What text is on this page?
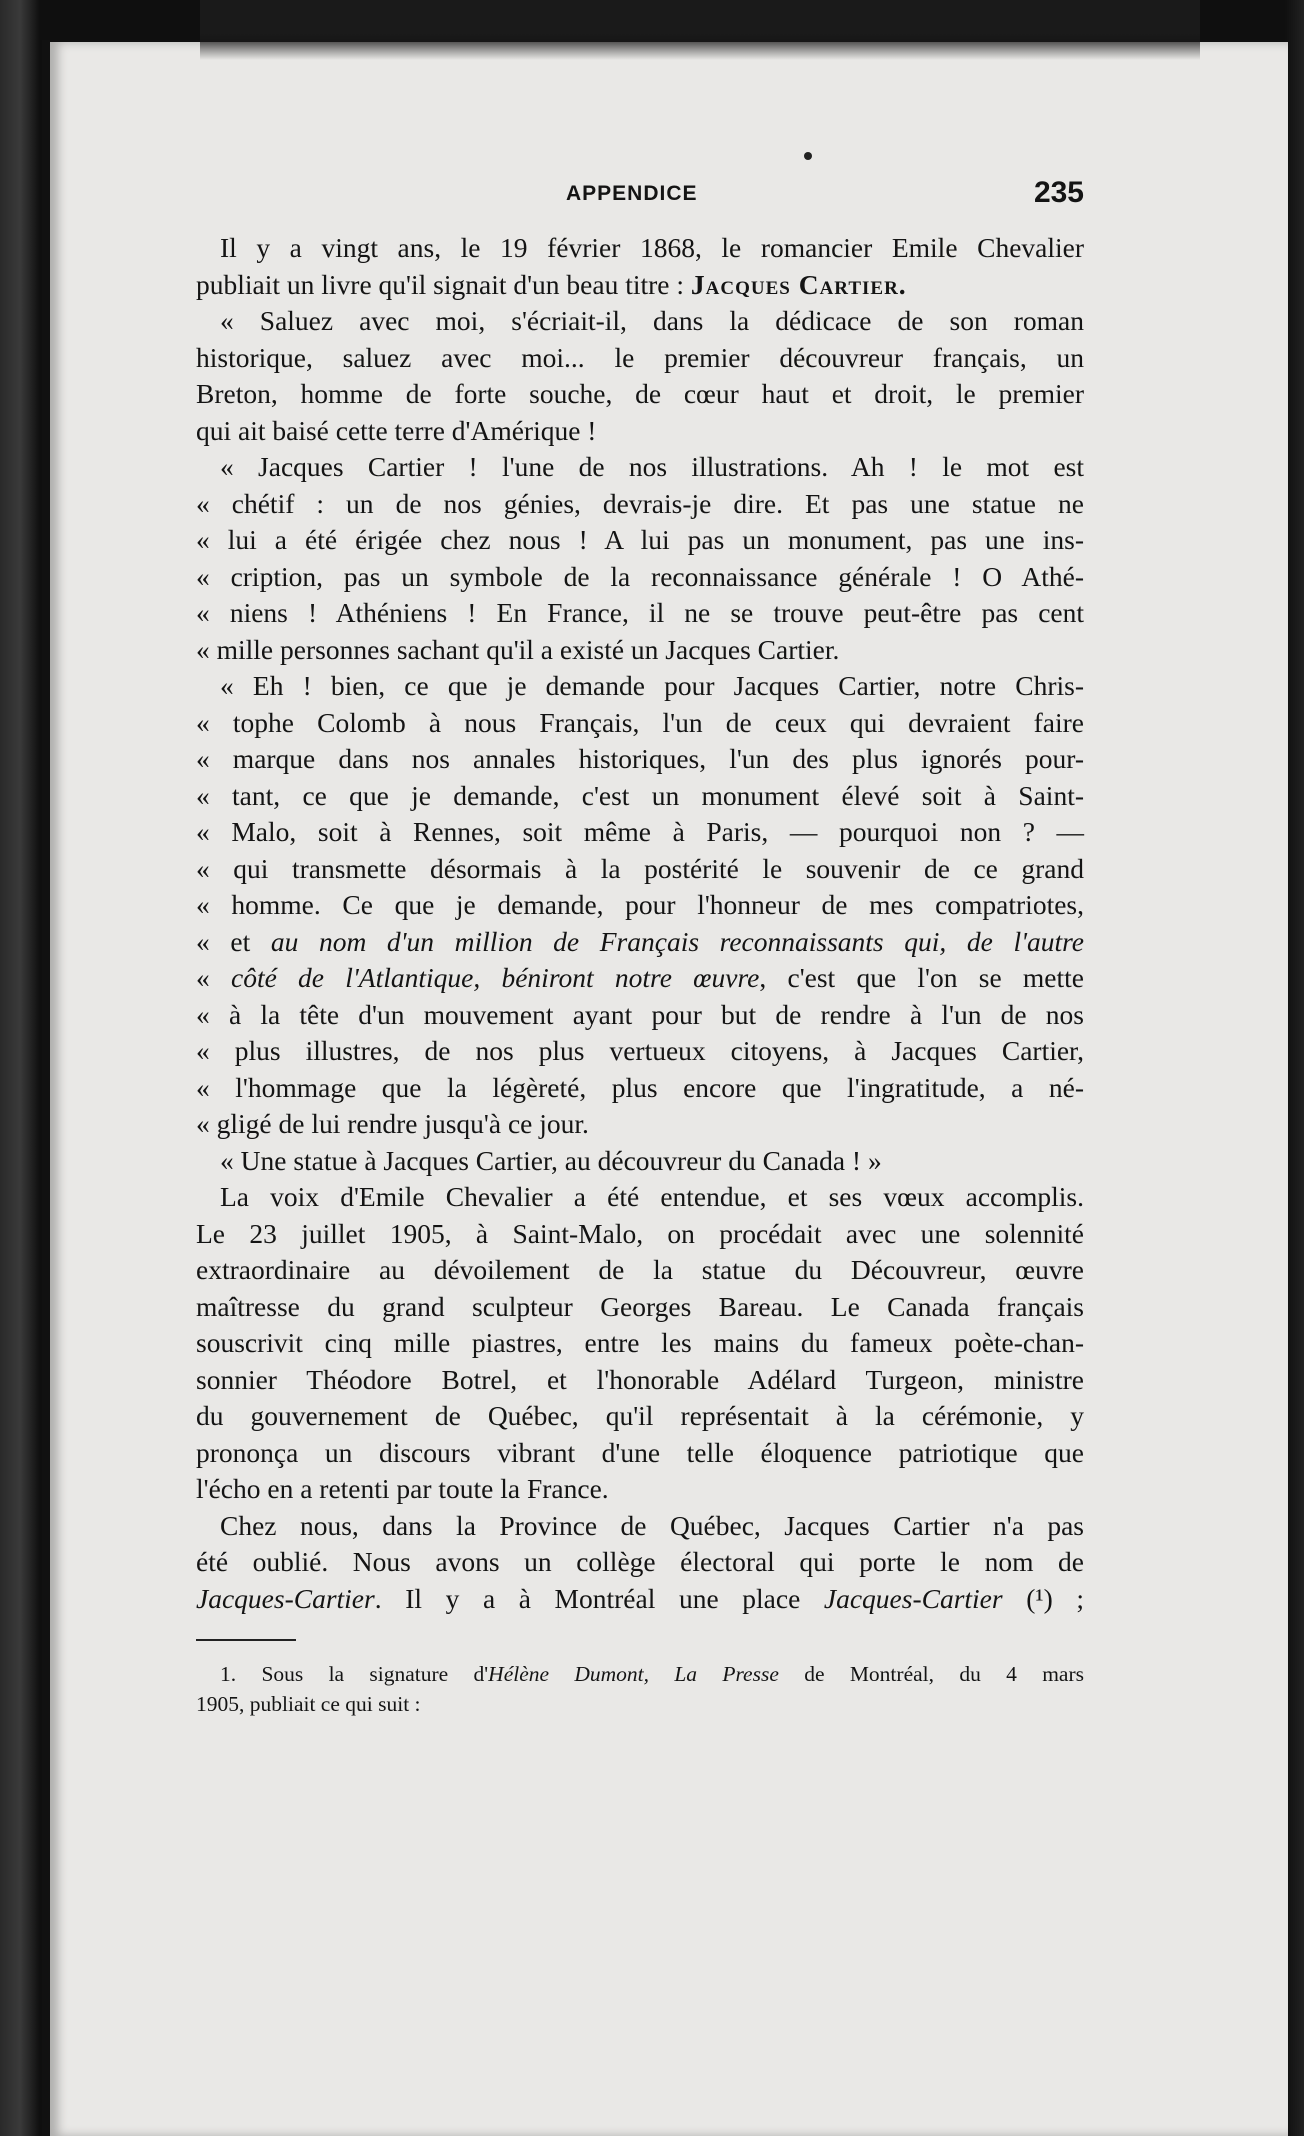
APPENDICE	235
Il y a vingt ans, le 19 février 1868, le romancier Emile Chevalier
publiait un livre qu'il signait d'un beau titre : Jacques Cartier.
« Saluez avec moi, s'écriait-il, dans la dédicace de son roman
historique, saluez avec moi... le premier découvreur français, un
Breton, homme de forte souche, de cœur haut et droit, le premier
qui ait baisé cette terre d'Amérique !
« Jacques Cartier ! l'une de nos illustrations. Ah ! le mot est
« chétif : un de nos génies, devrais-je dire. Et pas une statue ne
« lui a été érigée chez nous ! A lui pas un monument, pas une ins-
« cription, pas un symbole de la reconnaissance générale ! O Athé-
« niens ! Athéniens ! En France, il ne se trouve peut-être pas cent
« mille personnes sachant qu'il a existé un Jacques Cartier.
« Eh ! bien, ce que je demande pour Jacques Cartier, notre Chris-
« tophe Colomb à nous Français, l'un de ceux qui devraient faire
« marque dans nos annales historiques, l'un des plus ignorés pour-
« tant, ce que je demande, c'est un monument élevé soit à Saint-
« Malo, soit à Rennes, soit même à Paris, — pourquoi non ? —
« qui transmette désormais à la postérité le souvenir de ce grand
« homme. Ce que je demande, pour l'honneur de mes compatriotes,
« et au nom d'un million de Français reconnaissants qui, de l'autre
« côté de l'Atlantique, béniront notre œuvre, c'est que l'on se mette
« à la tête d'un mouvement ayant pour but de rendre à l'un de nos
« plus illustres, de nos plus vertueux citoyens, à Jacques Cartier,
« l'hommage que la légèreté, plus encore que l'ingratitude, a né-
« gligé de lui rendre jusqu'à ce jour.
« Une statue à Jacques Cartier, au découvreur du Canada ! »
La voix d'Emile Chevalier a été entendue, et ses vœux accomplis.
Le 23 juillet 1905, à Saint-Malo, on procédait avec une solennité
extraordinaire au dévoilement de la statue du Découvreur, œuvre
maîtresse du grand sculpteur Georges Bareau. Le Canada français
souscrivit cinq mille piastres, entre les mains du fameux poète-chan-
sonnier Théodore Botrel, et l'honorable Adélard Turgeon, ministre
du gouvernement de Québec, qu'il représentait à la cérémonie, y
prononça un discours vibrant d'une telle éloquence patriotique que
l'écho en a retenti par toute la France.
Chez nous, dans la Province de Québec, Jacques Cartier n'a pas
été oublié. Nous avons un collège électoral qui porte le nom de
Jacques-Cartier. Il y a à Montréal une place Jacques-Cartier (¹) ;
1. Sous la signature d'Hélène Dumont, La Presse de Montréal, du 4 mars
1905, publiait ce qui suit :
